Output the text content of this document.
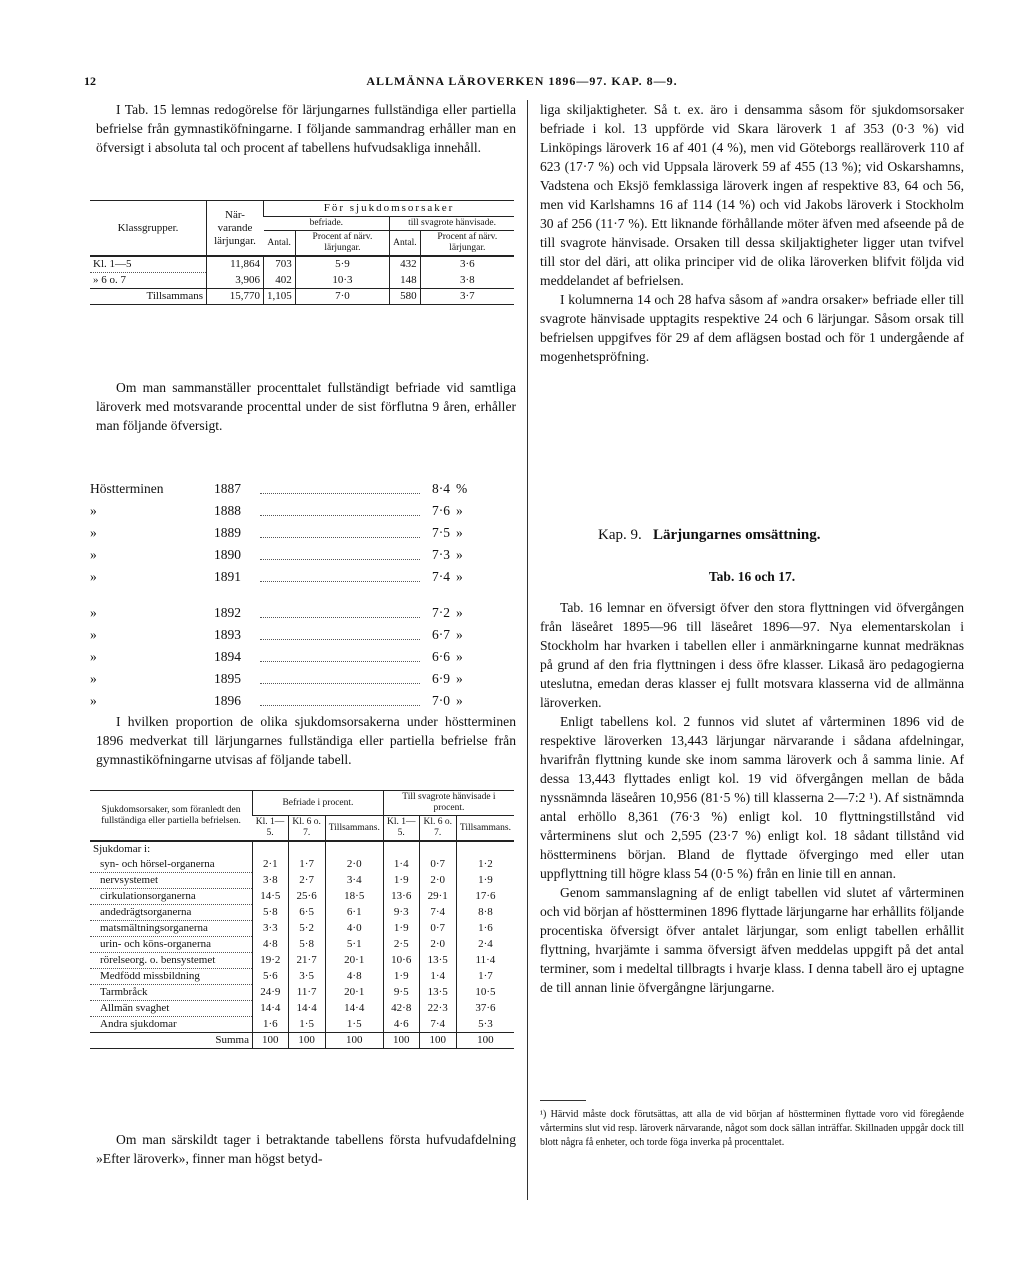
12	ALLMÄNNA LÄROVERKEN 1896—97. KAP. 8—9.

I Tab. 15 lemnas redogörelse för lärjungarnes fullständiga eller partiella befrielse från gymnastiköfningarne. I följande sammandrag erhåller man en öfversigt i absoluta tal och procent af tabellens hufvudsakliga innehåll.

Klassgrupper.	När- varande lärjungar.	För sjukdomsorsaker			
		befriade.		till svagrote hänvisade.	
		Antal.	Procent af närv. lärjungar.	Antal.	Procent af närv. lärjungar.
Kl. 1—5	11,864	703	5·9	432	3·6
» 6 o. 7	3,906	402	10·3	148	3·8
Tillsammans	15,770	1,105	7·0	580	3·7

Om man sammanställer procenttalet fullständigt befriade vid samtliga läroverk med motsvarande procenttal under de sist förflutna 9 åren, erhåller man följande öfversigt.

Höstterminen	1887	8·4 %
»	1888	7·6 »
»	1889	7·5 »
»	1890	7·3 »
»	1891	7·4 »
»	1892	7·2 »
»	1893	6·7 »
»	1894	6·6 »
»	1895	6·9 »
»	1896	7·0 »

I hvilken proportion de olika sjukdomsorsakerna under höstterminen 1896 medverkat till lärjungarnes fullständiga eller partiella befrielse från gymnastiköfningarne utvisas af följande tabell.

Sjukdomsorsaker, som föranledt den fullständiga eller partiella befrielsen.	Befriade i procent.			Till svagrote hänvisade i procent.		
	Kl. 1—5.	Kl. 6 o. 7.	Tillsammans.	Kl. 1—5.	Kl. 6 o. 7.	Tillsammans.
Sjukdomar i:						
syn- och hörsel-organerna	2·1	1·7	2·0	1·4	0·7	1·2
nervsystemet	3·8	2·7	3·4	1·9	2·0	1·9
cirkulationsorganerna	14·5	25·6	18·5	13·6	29·1	17·6
andedrägtsorganerna	5·8	6·5	6·1	9·3	7·4	8·8
matsmältningsorganerna	3·3	5·2	4·0	1·9	0·7	1·6
urin- och köns-organerna	4·8	5·8	5·1	2·5	2·0	2·4
rörelseorg. o. bensystemet	19·2	21·7	20·1	10·6	13·5	11·4
Medfödd missbildning	5·6	3·5	4·8	1·9	1·4	1·7
Tarmbråck	24·9	11·7	20·1	9·5	13·5	10·5
Allmän svaghet	14·4	14·4	14·4	42·8	22·3	37·6
Andra sjukdomar	1·6	1·5	1·5	4·6	7·4	5·3
Summa	100	100	100	100	100	100

Om man särskildt tager i betraktande tabellens första hufvudafdelning »Efter läroverk», finner man högst betyd-

liga skiljaktigheter. Så t. ex. äro i densamma såsom för sjukdomsorsaker befriade i kol. 13 uppförde vid Skara läroverk 1 af 353 (0·3 %) vid Linköpings läroverk 16 af 401 (4 %), men vid Göteborgs realläroverk 110 af 623 (17·7 %) och vid Uppsala läroverk 59 af 455 (13 %); vid Oskarshamns, Vadstena och Eksjö femklassiga läroverk ingen af respektive 83, 64 och 56, men vid Karlshamns 16 af 114 (14 %) och vid Jakobs läroverk i Stockholm 30 af 256 (11·7 %). Ett liknande förhållande möter äfven med afseende på de till svagrote hänvisade. Orsaken till dessa skiljaktigheter ligger utan tvifvel till stor del däri, att olika principer vid de olika läroverken blifvit följda vid meddelandet af befrielsen.

I kolumnerna 14 och 28 hafva såsom af »andra orsaker» befriade eller till svagrote hänvisade upptagits respektive 24 och 6 lärjungar. Såsom orsak till befrielsen uppgifves för 29 af dem aflägsen bostad och för 1 undergående af mogenhetspröfning.

Kap. 9. Lärjungarnes omsättning.
Tab. 16 och 17.

Tab. 16 lemnar en öfversigt öfver den stora flyttningen vid öfvergången från läseåret 1895—96 till läseåret 1896—97. Nya elementarskolan i Stockholm har hvarken i tabellen eller i anmärkningarne kunnat medräknas på grund af den fria flyttningen i dess öfre klasser. Likaså äro pedagogierna uteslutna, emedan deras klasser ej fullt motsvara klasserna vid de allmänna läroverken.

Enligt tabellens kol. 2 funnos vid slutet af vårterminen 1896 vid de respektive läroverken 13,443 lärjungar närvarande i sådana afdelningar, hvarifrån flyttning kunde ske inom samma läroverk och å samma linie. Af dessa 13,443 flyttades enligt kol. 19 vid öfvergången mellan de båda nyssnämnda läseåren 10,956 (81·5 %) till klasserna 2—7:2 ¹). Af sistnämnda antal erhöllo 8,361 (76·3 %) enligt kol. 10 flyttningstillstånd vid vårterminens slut och 2,595 (23·7 %) enligt kol. 18 sådant tillstånd vid höstterminens början. Bland de flyttade öfvergingo med eller utan uppflyttning till högre klass 54 (0·5 %) från en linie till en annan.

Genom sammanslagning af de enligt tabellen vid slutet af vårterminen och vid början af höstterminen 1896 flyttade lärjungarne har erhållits följande procentiska öfversigt öfver antalet lärjungar, som enligt tabellen erhållit flyttning, hvarjämte i samma öfversigt äfven meddelas uppgift på det antal terminer, som i medeltal tillbragts i hvarje klass. I denna tabell äro ej uptagne de till annan linie öfvergångne lärjungarne.

¹) Härvid måste dock förutsättas, att alla de vid början af höstterminen flyttade voro vid föregående vårtermins slut vid resp. läroverk närvarande, något som dock sällan inträffar. Skillnaden uppgår dock till blott några få enheter, och torde föga inverka på procenttalet.
